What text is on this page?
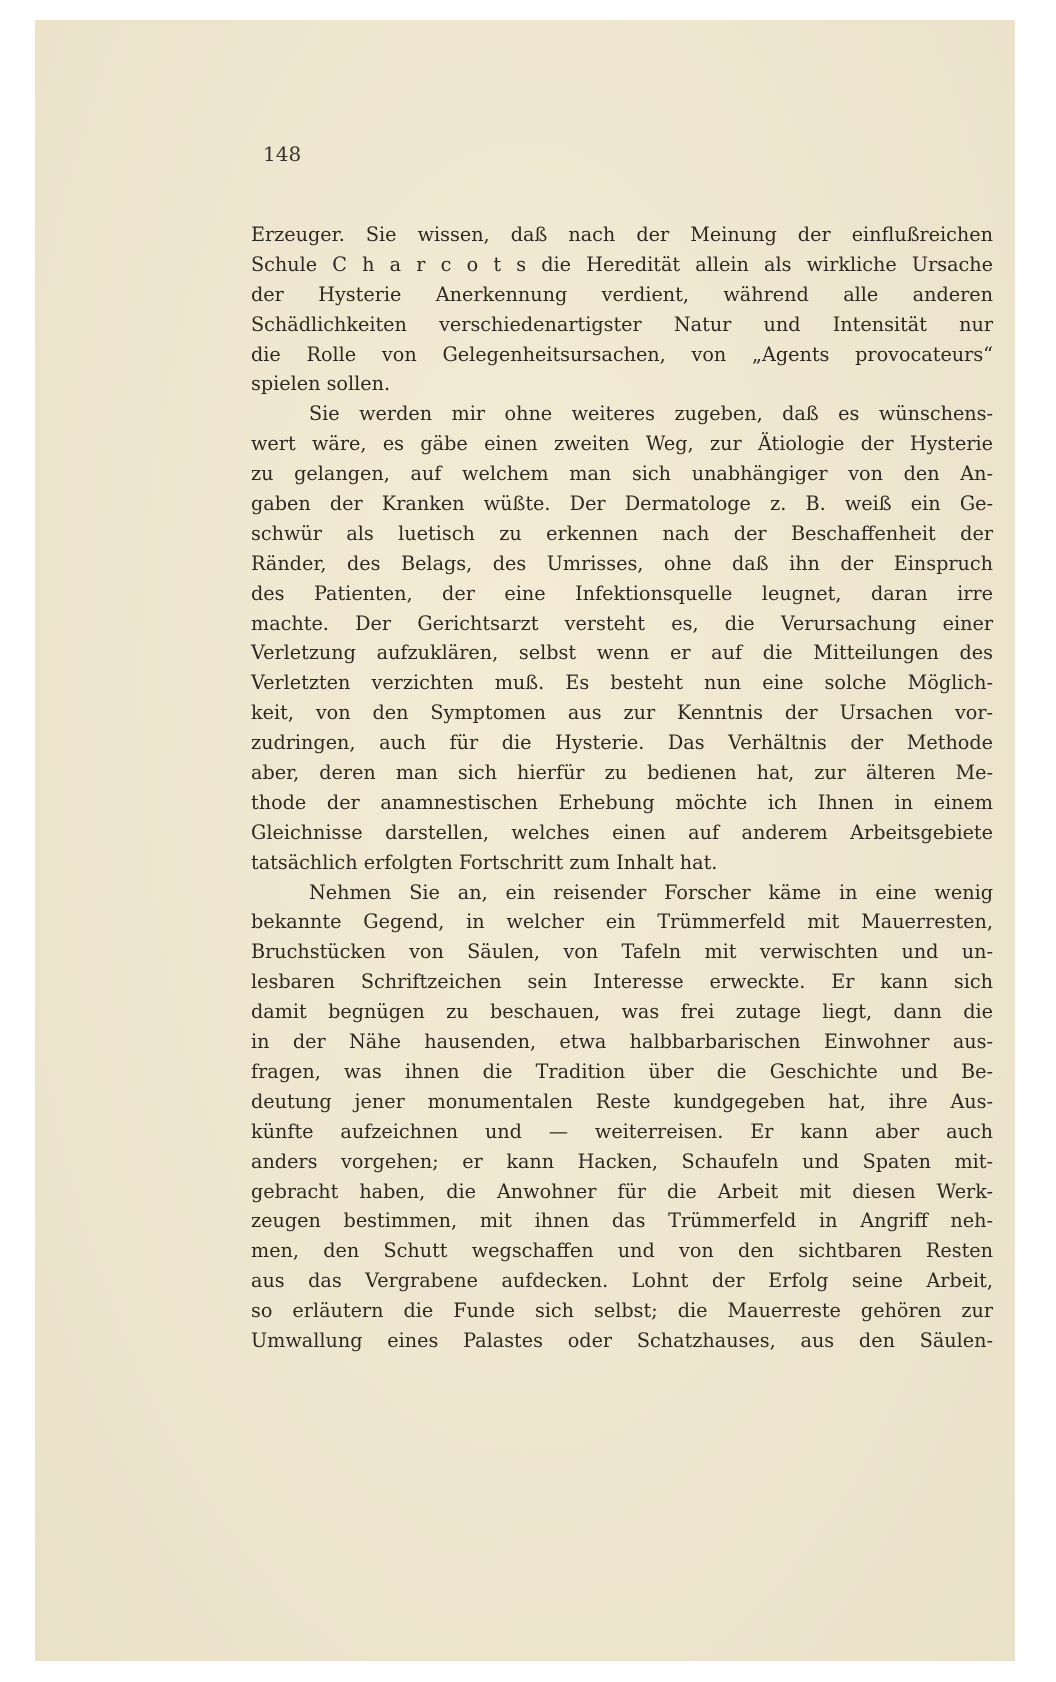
148
Erzeuger. Sie wissen, daß nach der Meinung der einflußreichen
Schule C h a r c o t s die Heredität allein als wirkliche Ursache
der Hysterie Anerkennung verdient, während alle anderen
Schädlichkeiten verschiedenartigster Natur und Intensität nur
die Rolle von Gelegenheitsursachen, von „Agents provocateurs“
spielen sollen.
Sie werden mir ohne weiteres zugeben, daß es wünschens-
wert wäre, es gäbe einen zweiten Weg, zur Ätiologie der Hysterie
zu gelangen, auf welchem man sich unabhängiger von den An-
gaben der Kranken wüßte. Der Dermatologe z. B. weiß ein Ge-
schwür als luetisch zu erkennen nach der Beschaffenheit der
Ränder, des Belags, des Umrisses, ohne daß ihn der Einspruch
des Patienten, der eine Infektionsquelle leugnet, daran irre
machte. Der Gerichtsarzt versteht es, die Verursachung einer
Verletzung aufzuklären, selbst wenn er auf die Mitteilungen des
Verletzten verzichten muß. Es besteht nun eine solche Möglich-
keit, von den Symptomen aus zur Kenntnis der Ursachen vor-
zudringen, auch für die Hysterie. Das Verhältnis der Methode
aber, deren man sich hierfür zu bedienen hat, zur älteren Me-
thode der anamnestischen Erhebung möchte ich Ihnen in einem
Gleichnisse darstellen, welches einen auf anderem Arbeitsgebiete
tatsächlich erfolgten Fortschritt zum Inhalt hat.
Nehmen Sie an, ein reisender Forscher käme in eine wenig
bekannte Gegend, in welcher ein Trümmerfeld mit Mauerresten,
Bruchstücken von Säulen, von Tafeln mit verwischten und un-
lesbaren Schriftzeichen sein Interesse erweckte. Er kann sich
damit begnügen zu beschauen, was frei zutage liegt, dann die
in der Nähe hausenden, etwa halbbarbarischen Einwohner aus-
fragen, was ihnen die Tradition über die Geschichte und Be-
deutung jener monumentalen Reste kundgegeben hat, ihre Aus-
künfte aufzeichnen und — weiterreisen. Er kann aber auch
anders vorgehen; er kann Hacken, Schaufeln und Spaten mit-
gebracht haben, die Anwohner für die Arbeit mit diesen Werk-
zeugen bestimmen, mit ihnen das Trümmerfeld in Angriff neh-
men, den Schutt wegschaffen und von den sichtbaren Resten
aus das Vergrabene aufdecken. Lohnt der Erfolg seine Arbeit,
so erläutern die Funde sich selbst; die Mauerreste gehören zur
Umwallung eines Palastes oder Schatzhauses, aus den Säulen-
